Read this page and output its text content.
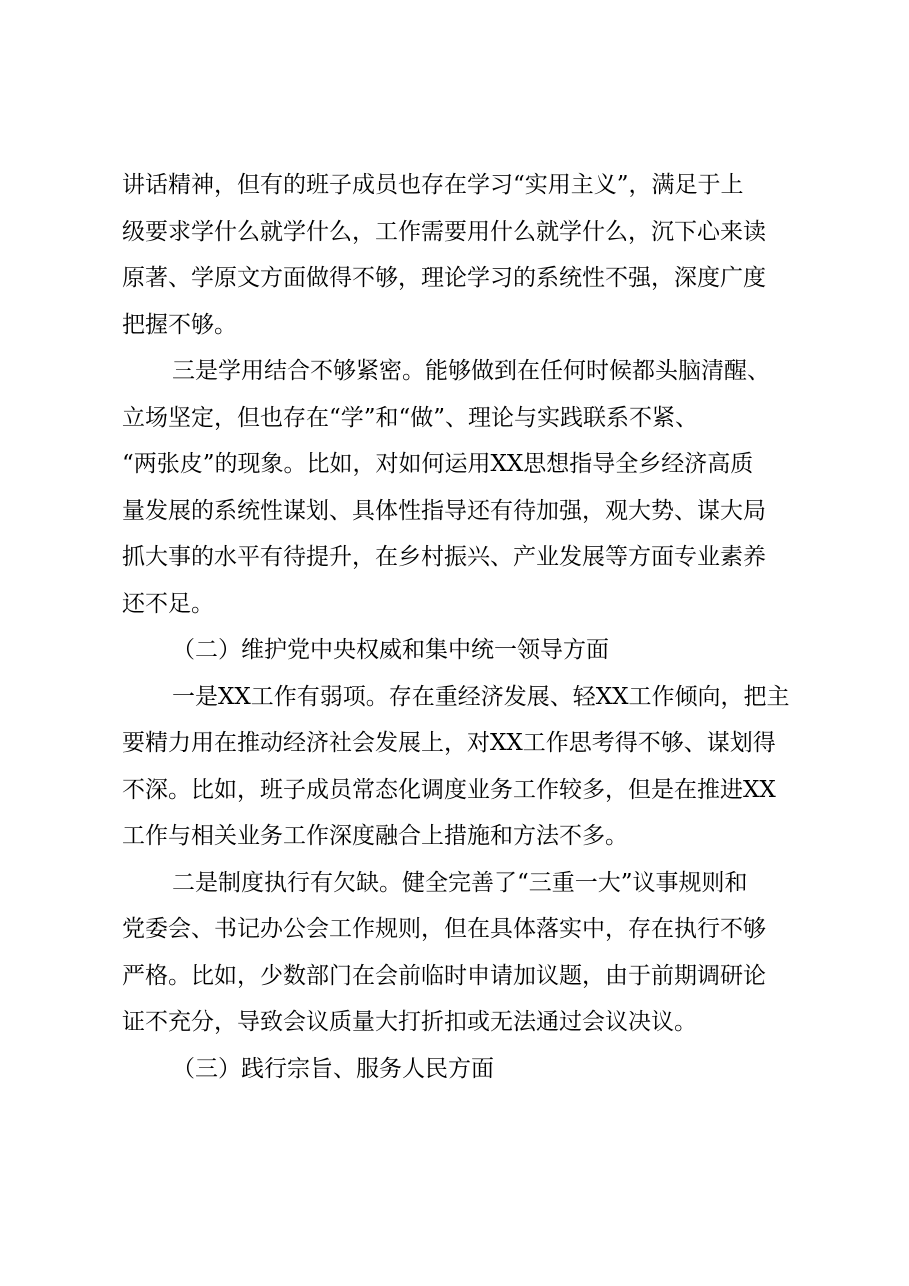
讲话精神，但有的班子成员也存在学习“实用主义”，满足于上
级要求学什么就学什么，工作需要用什么就学什么，沉下心来读
原著、学原文方面做得不够，理论学习的系统性不强，深度广度
把握不够。
三是学用结合不够紧密。能够做到在任何时候都头脑清醒、
立场坚定，但也存在“学”和“做”、理论与实践联系不紧、
“两张皮”的现象。比如，对如何运用XX思想指导全乡经济高质
量发展的系统性谋划、具体性指导还有待加强，观大势、谋大局
抓大事的水平有待提升，在乡村振兴、产业发展等方面专业素养
还不足。
（二）维护党中央权威和集中统一领导方面
一是XX工作有弱项。存在重经济发展、轻XX工作倾向，把主
要精力用在推动经济社会发展上，对XX工作思考得不够、谋划得
不深。比如，班子成员常态化调度业务工作较多，但是在推进XX
工作与相关业务工作深度融合上措施和方法不多。
二是制度执行有欠缺。健全完善了“三重一大”议事规则和
党委会、书记办公会工作规则，但在具体落实中，存在执行不够
严格。比如，少数部门在会前临时申请加议题，由于前期调研论
证不充分，导致会议质量大打折扣或无法通过会议决议。
（三）践行宗旨、服务人民方面
